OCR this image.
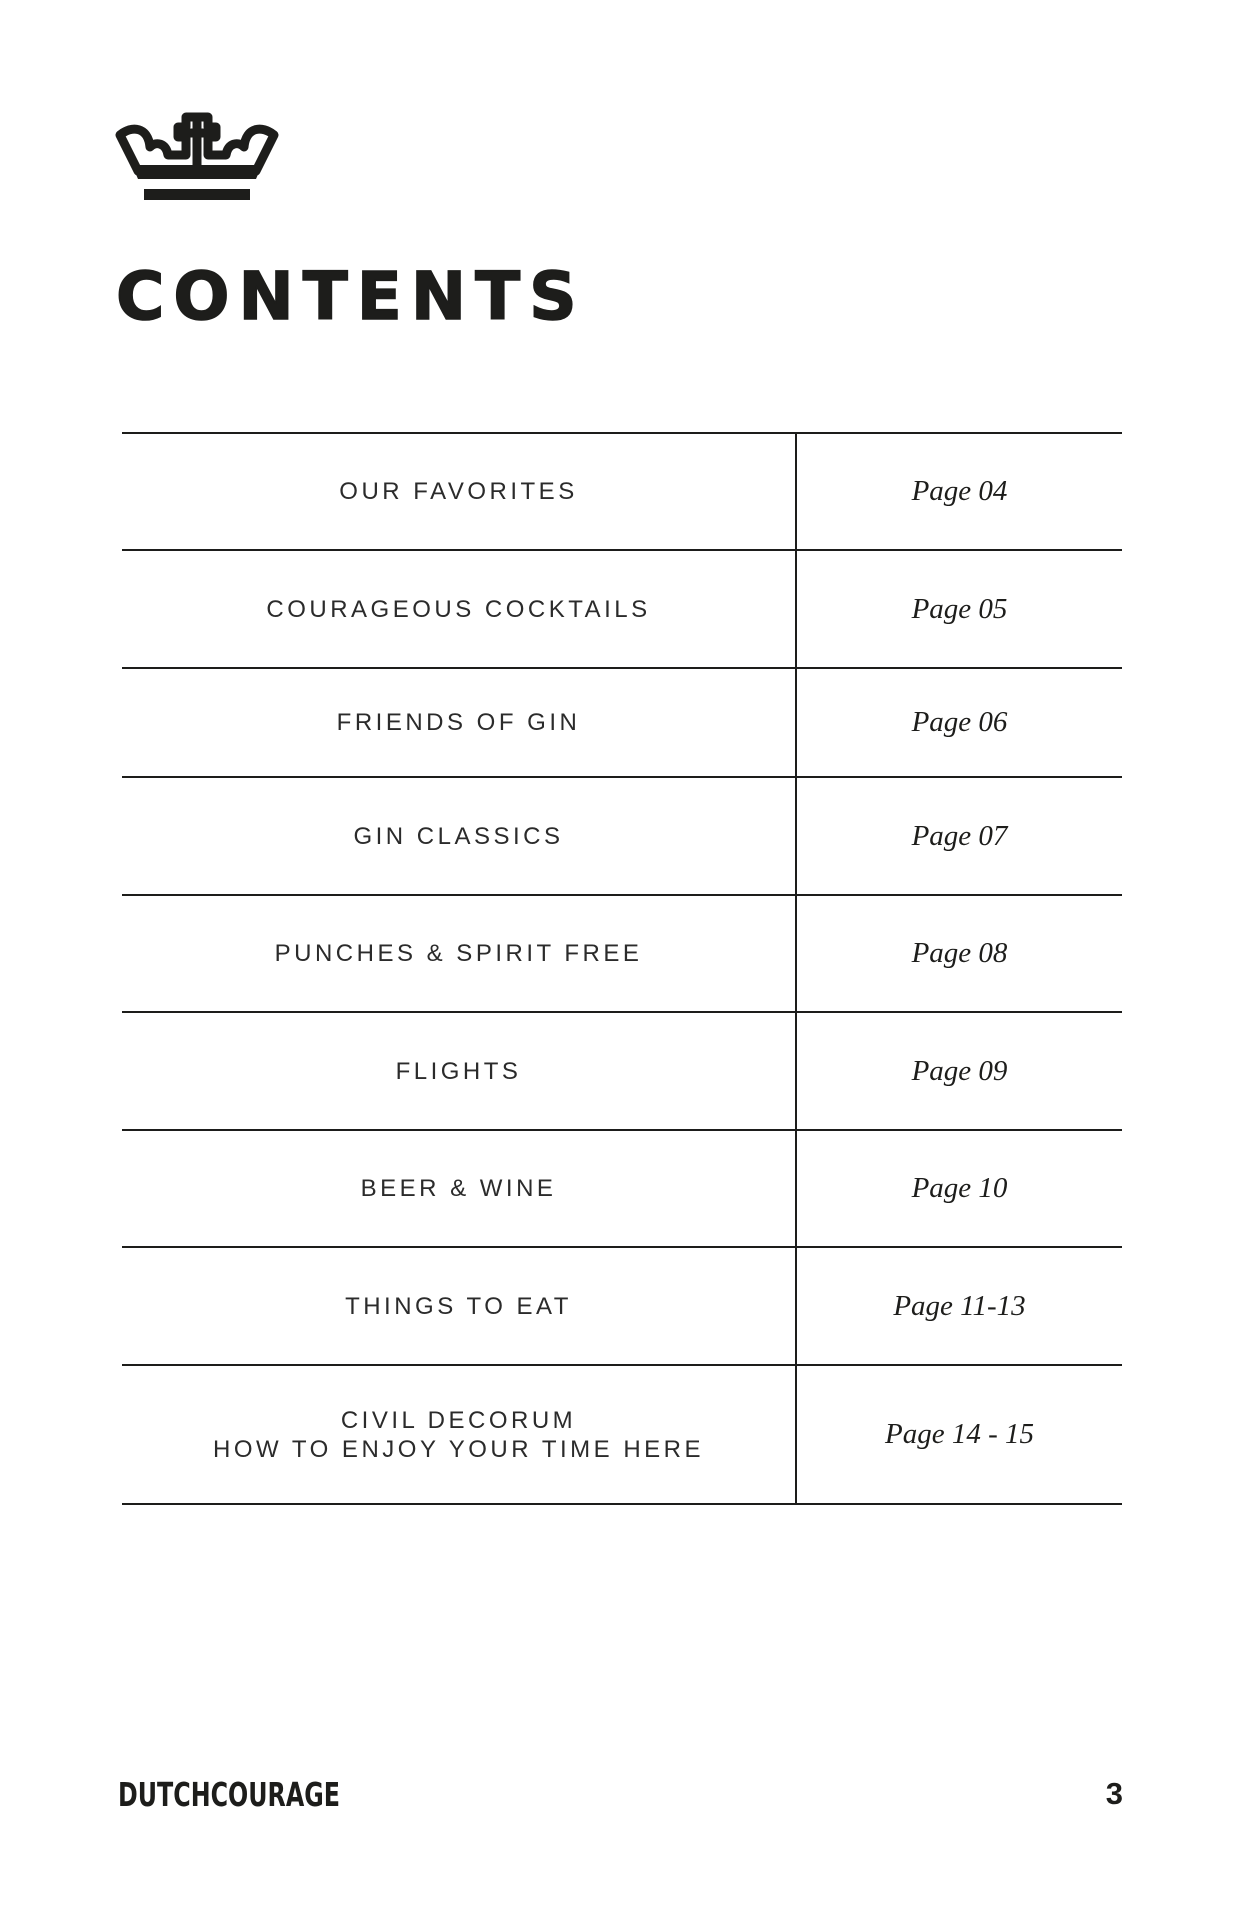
CONTENTS
OUR FAVORITES	Page 04
COURAGEOUS COCKTAILS	Page 05
FRIENDS OF GIN	Page 06
GIN CLASSICS	Page 07
PUNCHES & SPIRIT FREE	Page 08
FLIGHTS	Page 09
BEER & WINE	Page 10
THINGS TO EAT	Page 11-13
CIVIL DECORUM
HOW TO ENJOY YOUR TIME HERE	Page 14 - 15
DUTCHCOURAGE	3
